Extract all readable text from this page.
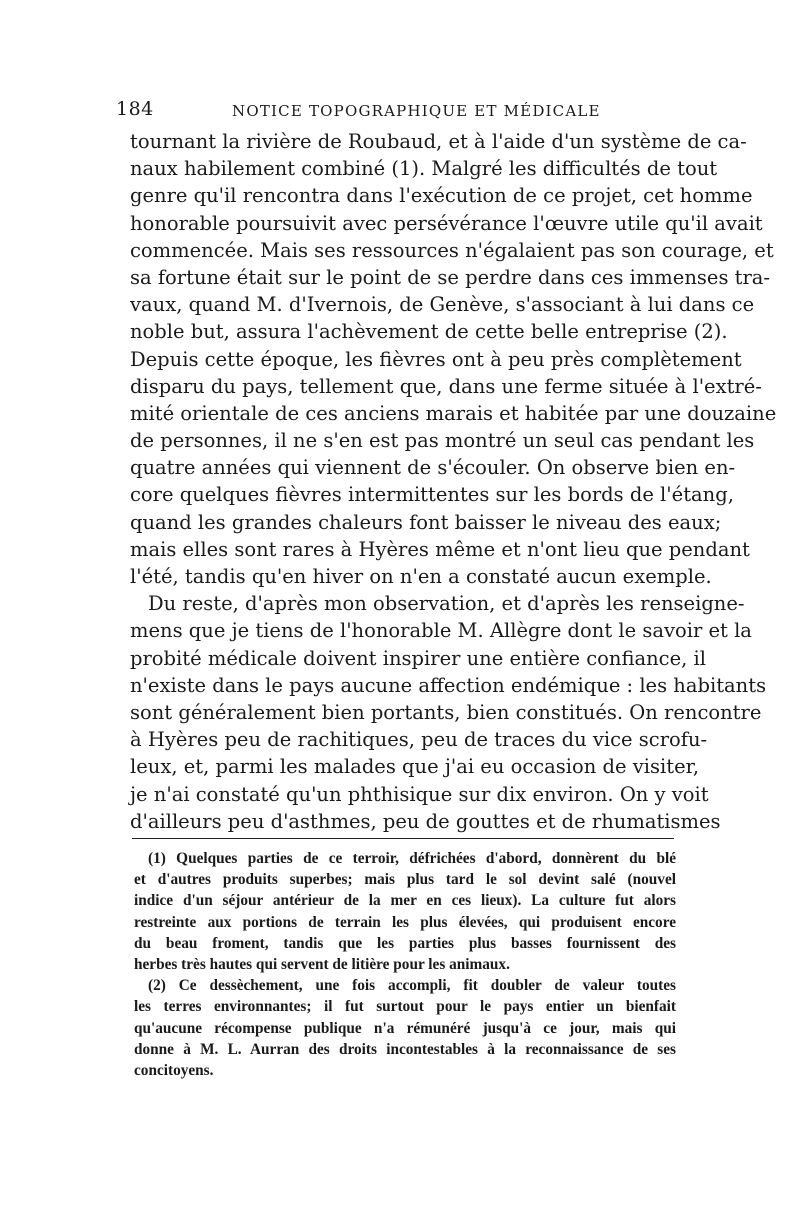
184	NOTICE TOPOGRAPHIQUE ET MÉDICALE
tournant la rivière de Roubaud, et à l'aide d'un système de ca-
naux habilement combiné (1). Malgré les difficultés de tout
genre qu'il rencontra dans l'exécution de ce projet, cet homme
honorable poursuivit avec persévérance l'œuvre utile qu'il avait
commencée. Mais ses ressources n'égalaient pas son courage, et
sa fortune était sur le point de se perdre dans ces immenses tra-
vaux, quand M. d'Ivernois, de Genève, s'associant à lui dans ce
noble but, assura l'achèvement de cette belle entreprise (2).
Depuis cette époque, les fièvres ont à peu près complètement
disparu du pays, tellement que, dans une ferme située à l'extré-
mité orientale de ces anciens marais et habitée par une douzaine
de personnes, il ne s'en est pas montré un seul cas pendant les
quatre années qui viennent de s'écouler. On observe bien en-
core quelques fièvres intermittentes sur les bords de l'étang,
quand les grandes chaleurs font baisser le niveau des eaux;
mais elles sont rares à Hyères même et n'ont lieu que pendant
l'été, tandis qu'en hiver on n'en a constaté aucun exemple.
Du reste, d'après mon observation, et d'après les renseigne-
mens que je tiens de l'honorable M. Allègre dont le savoir et la
probité médicale doivent inspirer une entière confiance, il
n'existe dans le pays aucune affection endémique : les habitants
sont généralement bien portants, bien constitués. On rencontre
à Hyères peu de rachitiques, peu de traces du vice scrofu-
leux, et, parmi les malades que j'ai eu occasion de visiter,
je n'ai constaté qu'un phthisique sur dix environ. On y voit
d'ailleurs peu d'asthmes, peu de gouttes et de rhumatismes
(1) Quelques parties de ce terroir, défrichées d'abord, donnèrent du blé
et d'autres produits superbes; mais plus tard le sol devint salé (nouvel
indice d'un séjour antérieur de la mer en ces lieux). La culture fut alors
restreinte aux portions de terrain les plus élevées, qui produisent encore
du beau froment, tandis que les parties plus basses fournissent des
herbes très hautes qui servent de litière pour les animaux.
(2) Ce dessèchement, une fois accompli, fit doubler de valeur toutes
les terres environnantes; il fut surtout pour le pays entier un bienfait
qu'aucune récompense publique n'a rémunéré jusqu'à ce jour, mais qui
donne à M. L. Aurran des droits incontestables à la reconnaissance de ses
concitoyens.
